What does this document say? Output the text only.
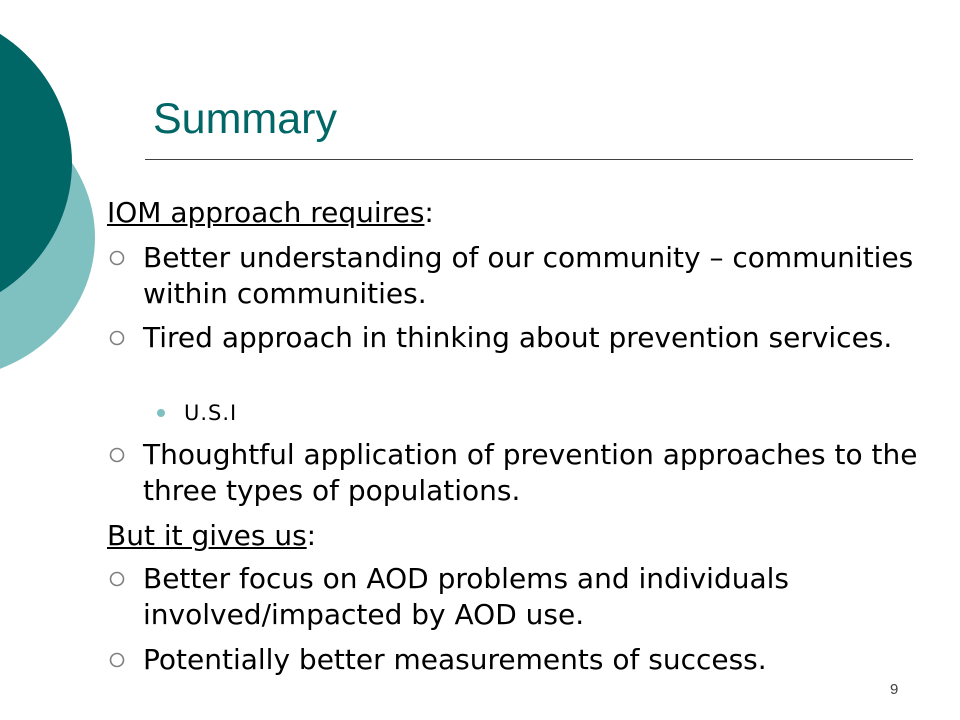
Summary
IOM approach requires:
Better understanding of our community – communities within communities.
Tired approach in thinking about prevention services.
U.S.I
Thoughtful application of prevention approaches to the three types of populations.
But it gives us:
Better focus on AOD problems and individuals involved/impacted by AOD use.
Potentially better measurements of success.
9
